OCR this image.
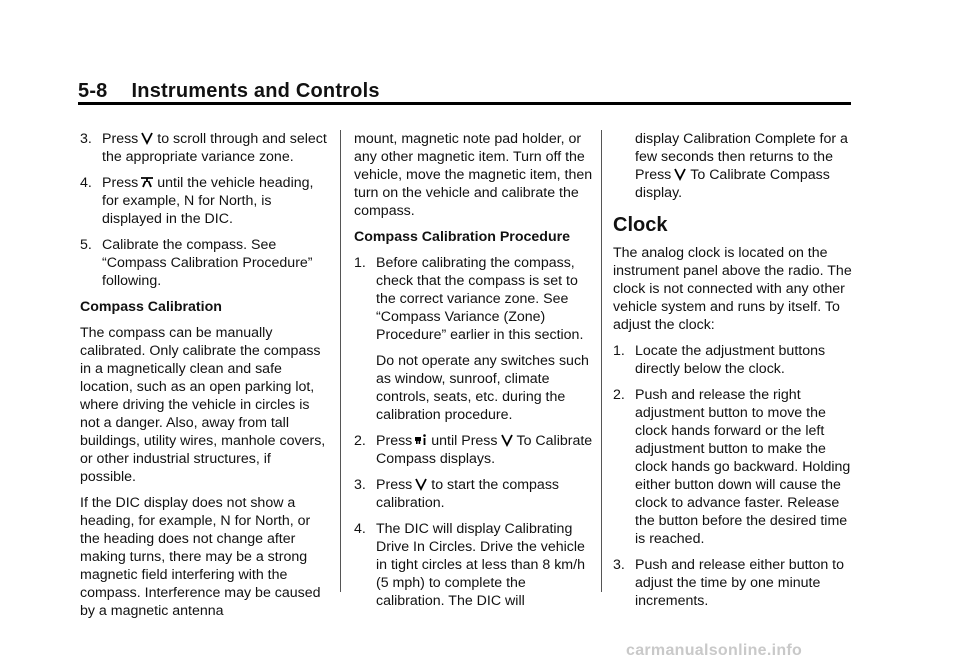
5-8 Instruments and Controls
3. Press to scroll through and select the appropriate variance zone.
4. Press until the vehicle heading, for example, N for North, is displayed in the DIC.
5. Calibrate the compass. See “Compass Calibration Procedure” following.
Compass Calibration

The compass can be manually calibrated. Only calibrate the compass in a magnetically clean and safe location, such as an open parking lot, where driving the vehicle in circles is not a danger. Also, away from tall buildings, utility wires, manhole covers, or other industrial structures, if possible.

If the DIC display does not show a heading, for example, N for North, or the heading does not change after making turns, there may be a strong magnetic field interfering with the compass. Interference may be caused by a magnetic antenna

mount, magnetic note pad holder, or any other magnetic item. Turn off the vehicle, move the magnetic item, then turn on the vehicle and calibrate the compass.

Compass Calibration Procedure
1. Before calibrating the compass, check that the compass is set to the correct variance zone. See “Compass Variance (Zone) Procedure” earlier in this section.

Do not operate any switches such as window, sunroof, climate controls, seats, etc. during the calibration procedure.

2. Press until Press To Calibrate Compass displays.
3. Press to start the compass calibration.
4. The DIC will display Calibrating Drive In Circles. Drive the vehicle in tight circles at less than 8 km/h (5 mph) to complete the calibration. The DIC will

display Calibration Complete for a few seconds then returns to the Press To Calibrate Compass display.

Clock

The analog clock is located on the instrument panel above the radio. The clock is not connected with any other vehicle system and runs by itself. To adjust the clock:

1. Locate the adjustment buttons directly below the clock.
2. Push and release the right adjustment button to move the clock hands forward or the left adjustment button to make the clock hands go backward. Holding either button down will cause the clock to advance faster. Release the button before the desired time is reached.
3. Push and release either button to adjust the time by one minute increments.
carmanualsonline.info
